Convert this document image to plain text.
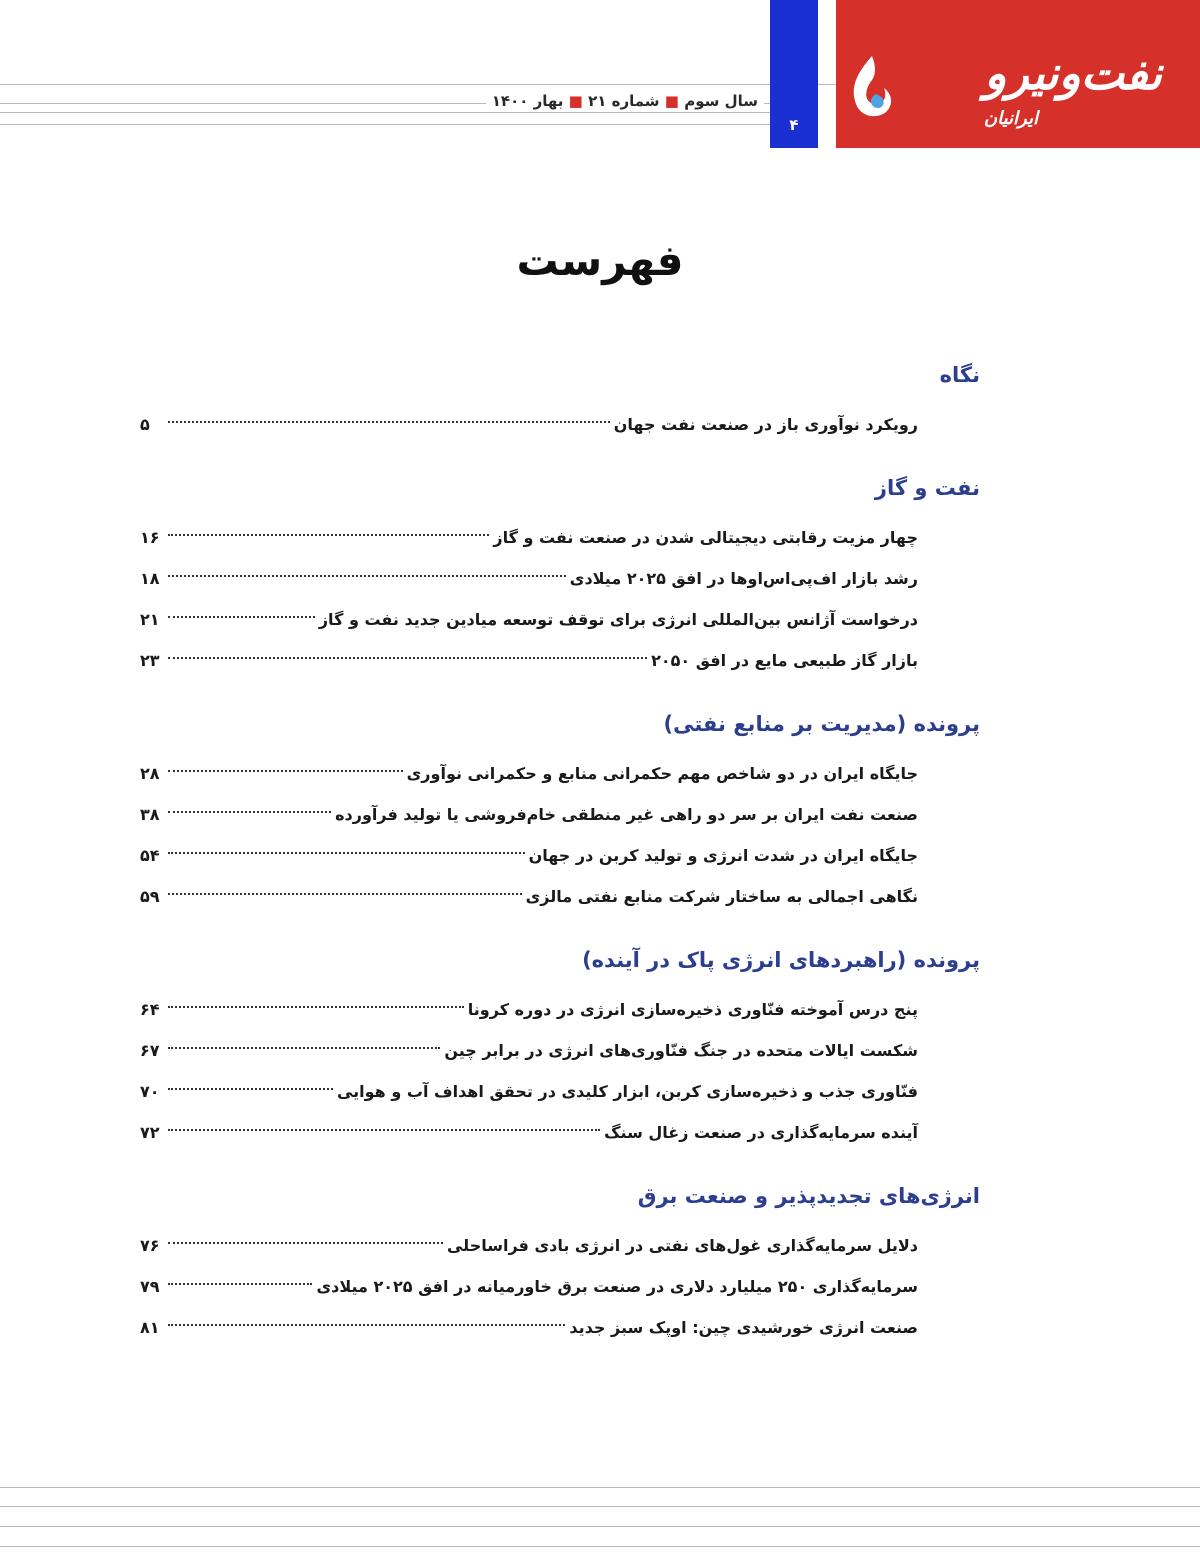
سال سوم ■ شماره ۲۱ ■ بهار ۱۴۰۰
۴
نفت‌ونیرو
ایرانیان
فهرست
نگاه
رویکرد نوآوری باز در صنعت نفت جهان
۵
نفت و گاز
چهار مزیت رقابتی دیجیتالی شدن در صنعت نفت و گاز
۱۶
رشد بازار اف‌پی‌اس‌اوها در افق ۲۰۲۵ میلادی
۱۸
درخواست آژانس بین‌المللی انرژی برای توقف توسعه میادین جدید نفت و گاز
۲۱
بازار گاز طبیعی مایع در افق ۲۰۵۰
۲۳
پرونده (مدیریت بر منابع نفتی)
جایگاه ایران در دو شاخص مهم حکمرانی منابع و حکمرانی نوآوری
۲۸
صنعت نفت ایران بر سر دو راهی غیر منطقی خام‌فروشی یا تولید فرآورده
۳۸
جایگاه ایران در شدت انرژی و تولید کربن در جهان
۵۴
نگاهی اجمالی به ساختار شرکت منابع نفتی مالزی
۵۹
پرونده (راهبردهای انرژی پاک در آینده)
پنج درس آموخته فنّاوری ذخیره‌سازی انرژی در دوره کرونا
۶۴
شکست ایالات متحده در جنگ فنّاوری‌های انرژی در برابر چین
۶۷
فنّاوری جذب و ذخیره‌سازی کربن، ابزار کلیدی در تحقق اهداف آب و هوایی
۷۰
آینده سرمایه‌گذاری در صنعت زغال سنگ
۷۲
انرژی‌های تجدیدپذیر و صنعت برق
دلایل سرمایه‌گذاری غول‌های نفتی در انرژی بادی فراساحلی
۷۶
سرمایه‌گذاری ۲۵۰ میلیارد دلاری در صنعت برق خاورمیانه در افق ۲۰۲۵ میلادی
۷۹
صنعت انرژی خورشیدی چین: اوپک سبز جدید
۸۱
